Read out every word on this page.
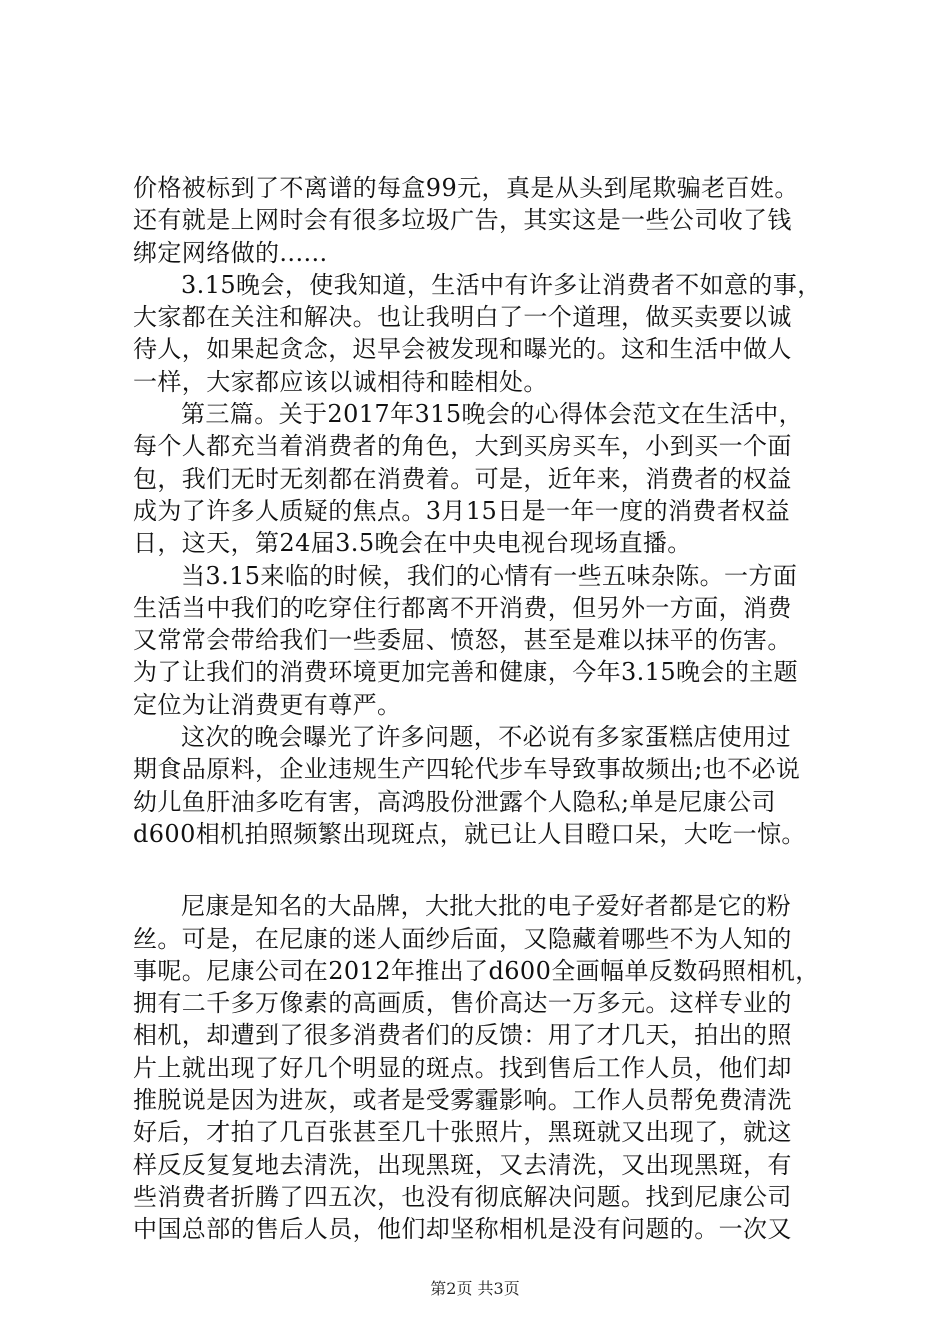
价格被标到了不离谱的每盒99元，真是从头到尾欺骗老百姓。
还有就是上网时会有很多垃圾广告，其实这是一些公司收了钱
绑定网络做的......
3.15晚会，使我知道，生活中有许多让消费者不如意的事，
大家都在关注和解决。也让我明白了一个道理，做买卖要以诚
待人，如果起贪念，迟早会被发现和曝光的。这和生活中做人
一样，大家都应该以诚相待和睦相处。
第三篇。关于2017年315晚会的心得体会范文在生活中，
每个人都充当着消费者的角色，大到买房买车，小到买一个面
包，我们无时无刻都在消费着。可是，近年来，消费者的权益
成为了许多人质疑的焦点。3月15日是一年一度的消费者权益
日，这天，第24届3.5晚会在中央电视台现场直播。
当3.15来临的时候，我们的心情有一些五味杂陈。一方面
生活当中我们的吃穿住行都离不开消费，但另外一方面，消费
又常常会带给我们一些委屈、愤怒，甚至是难以抹平的伤害。
为了让我们的消费环境更加完善和健康，今年3.15晚会的主题
定位为让消费更有尊严。
这次的晚会曝光了许多问题，不必说有多家蛋糕店使用过
期食品原料，企业违规生产四轮代步车导致事故频出;也不必说
幼儿鱼肝油多吃有害，高鸿股份泄露个人隐私;单是尼康公司
d600相机拍照频繁出现斑点，就已让人目瞪口呆，大吃一惊。
尼康是知名的大品牌，大批大批的电子爱好者都是它的粉
丝。可是，在尼康的迷人面纱后面，又隐藏着哪些不为人知的
事呢。尼康公司在2012年推出了d600全画幅单反数码照相机，
拥有二千多万像素的高画质，售价高达一万多元。这样专业的
相机，却遭到了很多消费者们的反馈：用了才几天，拍出的照
片上就出现了好几个明显的斑点。找到售后工作人员，他们却
推脱说是因为进灰，或者是受雾霾影响。工作人员帮免费清洗
好后，才拍了几百张甚至几十张照片，黑斑就又出现了，就这
样反反复复地去清洗，出现黑斑，又去清洗，又出现黑斑，有
些消费者折腾了四五次，也没有彻底解决问题。找到尼康公司
中国总部的售后人员，他们却坚称相机是没有问题的。一次又
第2页 共3页
